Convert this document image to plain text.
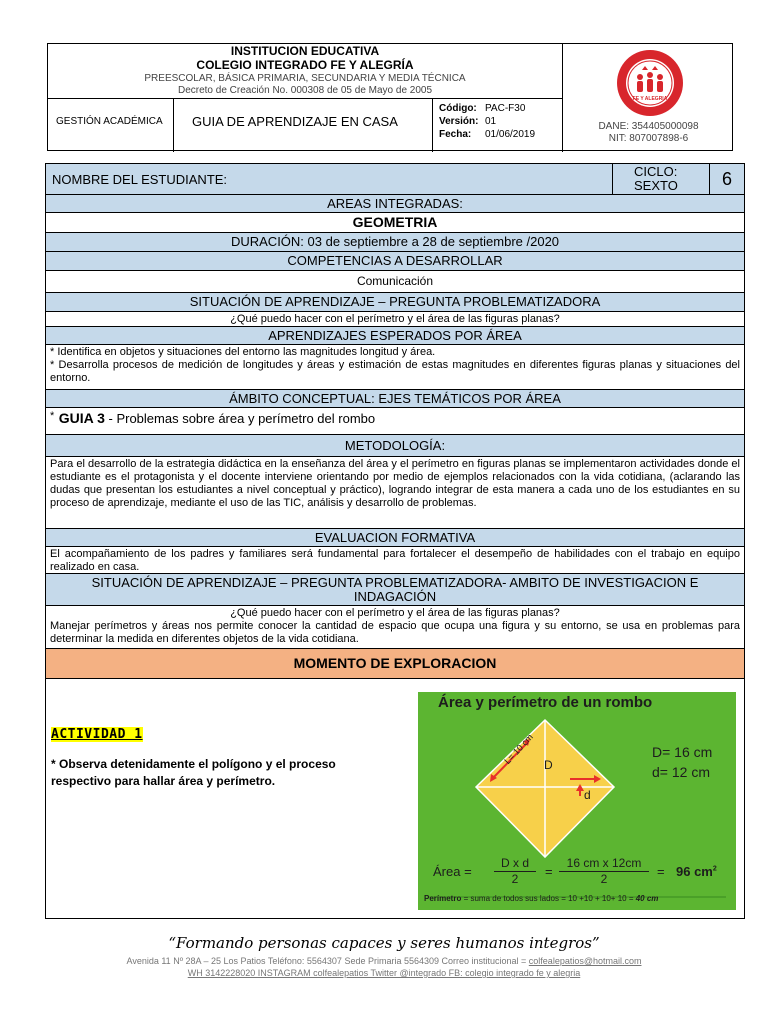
INSTITUCION EDUCATIVA
COLEGIO INTEGRADO FE Y ALEGRÍA
PREESCOLAR, BÁSICA PRIMARIA, SECUNDARIA Y MEDIA TÉCNICA
Decreto de Creación No. 000308 de 05 de Mayo de 2005
FE Y ALEGRIA
GESTIÓN ACADÉMICA GUIA DE APRENDIZAJE EN CASA
Código: PAC-F30
Versión: 01
Fecha: 01/06/2019
DANE: 354405000098
NIT: 807007898-6
NOMBRE DEL ESTUDIANTE:
CICLO:
SEXTO	6
AREAS INTEGRADAS:
GEOMETRIA
DURACIÓN: 03 de septiembre a 28 de septiembre /2020
COMPETENCIAS A DESARROLLAR
Comunicación
SITUACIÓN DE APRENDIZAJE – PREGUNTA PROBLEMATIZADORA
¿Qué puedo hacer con el perímetro y el área de las figuras planas?
APRENDIZAJES ESPERADOS POR ÁREA
* Identifica en objetos y situaciones del entorno las magnitudes longitud y área.
* Desarrolla procesos de medición de longitudes y áreas y estimación de estas magnitudes en diferentes figuras planas y situaciones del entorno.
ÁMBITO CONCEPTUAL: EJES TEMÁTICOS POR ÁREA
* GUIA 3 - Problemas sobre área y perímetro del rombo
METODOLOGÍA:
Para el desarrollo de la estrategia didáctica en la enseñanza del área y el perímetro en figuras planas se implementaron actividades donde el estudiante es el protagonista y el docente interviene orientando por medio de ejemplos relacionados con la vida cotidiana, (aclarando las dudas que presentan los estudiantes a nivel conceptual y práctico), logrando integrar de esta manera a cada uno de los estudiantes en su proceso de aprendizaje, mediante el uso de las TIC, análisis y desarrollo de problemas.
EVALUACION FORMATIVA
El acompañamiento de los padres y familiares será fundamental para fortalecer el desempeño de habilidades con el trabajo en equipo realizado en casa.
SITUACIÓN DE APRENDIZAJE – PREGUNTA PROBLEMATIZADORA- AMBITO DE INVESTIGACION E INDAGACIÓN
¿Qué puedo hacer con el perímetro y el área de las figuras planas?
Manejar perímetros y áreas nos permite conocer la cantidad de espacio que ocupa una figura y su entorno, se usa en problemas para determinar la medida en diferentes objetos de la vida cotidiana.
MOMENTO DE EXPLORACION
ACTIVIDAD 1
* Observa detenidamente el polígono y el proceso respectivo para hallar área y perímetro.
Área y perímetro de un rombo
L= 10 cm D
d
D= 16 cm
d= 12 cm
Área = $\frac{\text{D x d}}{2} = \frac{\text{16 cm x 12cm}}{2} = 96$ $cm^2$
Perímetro = suma de todos sus lados = 10 +10 + 10+ 10 = 40 cm
“Formando personas capaces y seres humanos integros”
Avenida 11 Nº 28A – 25 Los Patios Teléfono: 5564307 Sede Primaria 5564309 Correo institucional = colfealepatios@hotmail.com
WH 3142228020 INSTAGRAM colfealepatios Twitter @integrado FB: colegio integrado fe y alegria
